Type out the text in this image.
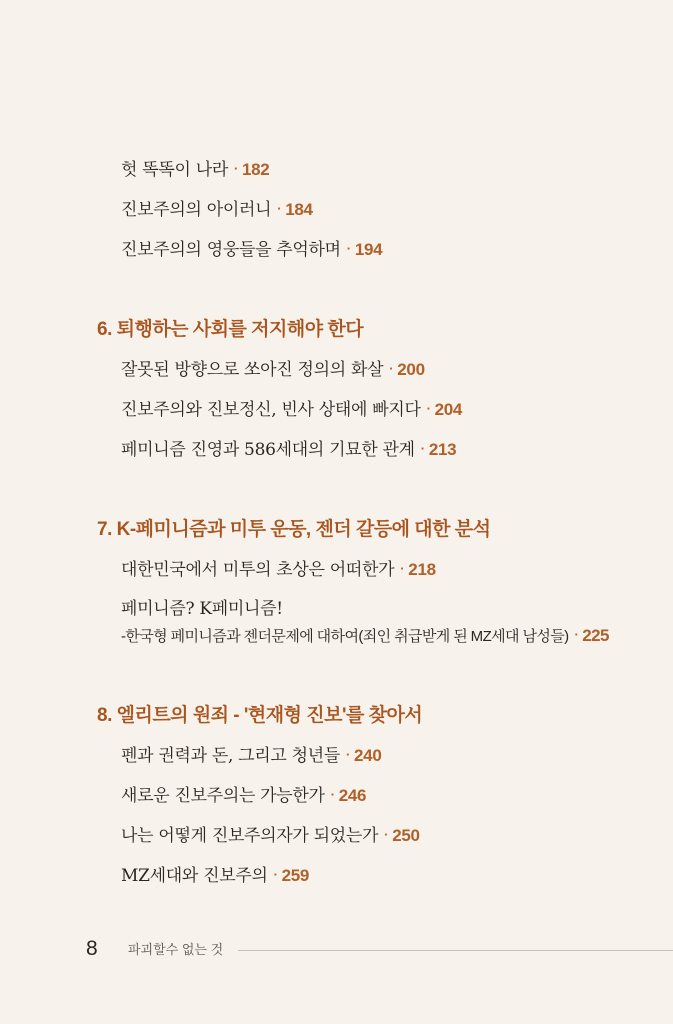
헛 똑똑이 나라 · 182
진보주의의 아이러니 · 184
진보주의의 영웅들을 추억하며 · 194
6. 퇴행하는 사회를 저지해야 한다
잘못된 방향으로 쏘아진 정의의 화살 · 200
진보주의와 진보정신, 빈사 상태에 빠지다 · 204
페미니즘 진영과 586세대의 기묘한 관계 · 213
7. K-페미니즘과 미투 운동, 젠더 갈등에 대한 분석
대한민국에서 미투의 초상은 어떠한가 · 218
페미니즘? K페미니즘!
-한국형 페미니즘과 젠더문제에 대하여(죄인 취급받게 된 MZ세대 남성들) · 225
8. 엘리트의 원죄 - '현재형 진보'를 찾아서
펜과 권력과 돈, 그리고 청년들 · 240
새로운 진보주의는 가능한가 · 246
나는 어떻게 진보주의자가 되었는가 · 250
MZ세대와 진보주의 · 259
8 파괴할수 없는 것
